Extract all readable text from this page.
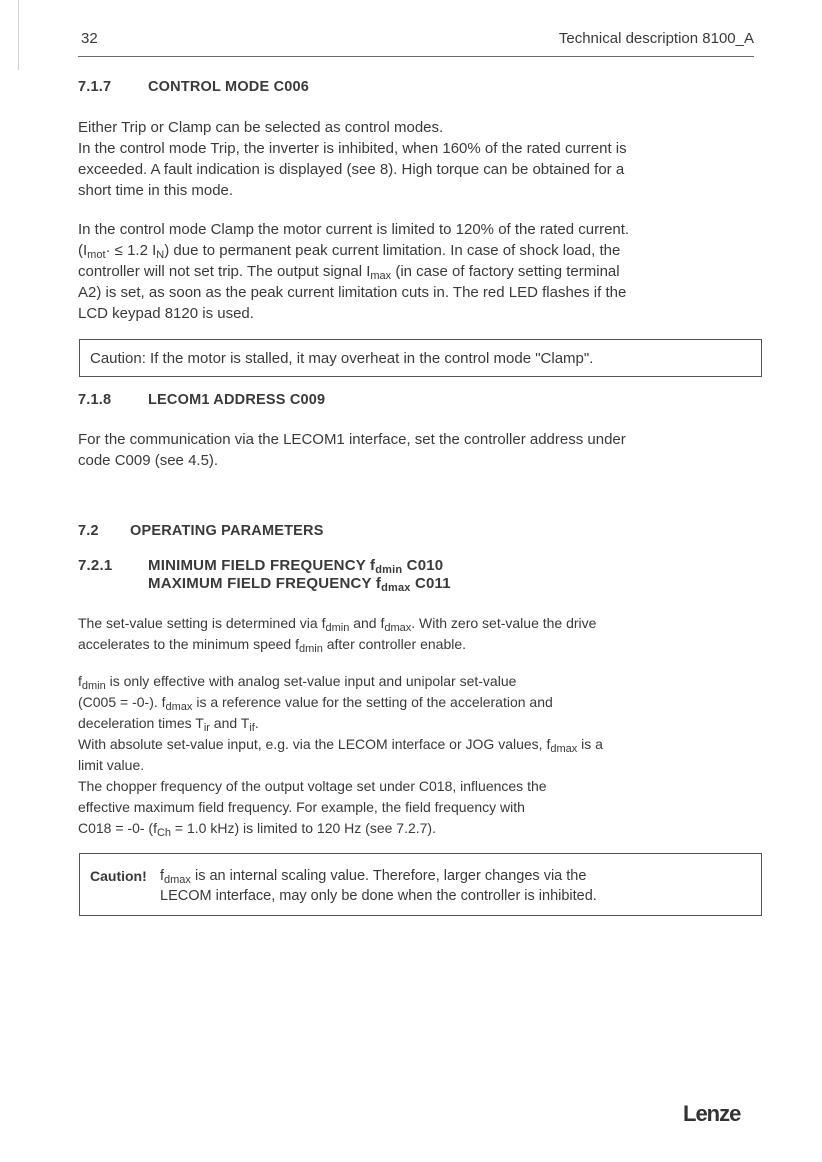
32	Technical description 8100_A
7.1.7	CONTROL MODE C006

Either Trip or Clamp can be selected as control modes.

In the control mode Trip, the inverter is inhibited, when 160% of the rated current is

exceeded. A fault indication is displayed (see 8). High torque can be obtained for a

short time in this mode.

In the control mode Clamp the motor current is limited to 120% of the rated current.

($I_{mot}\cdot \le 1.2$ $I_N$) due to permanent peak current limitation. In case of shock load, the

controller will not set trip. The output signal $I_{max}$ (in case of factory setting terminal

A2) is set, as soon as the peak current limitation cuts in. The red LED flashes if the

LCD keypad 8120 is used.

Caution: If the motor is stalled, it may overheat in the control mode "Clamp".
7.1.8	LECOM1 ADDRESS C009

For the communication via the LECOM1 interface, set the controller address under

code C009 (see 4.5).

7.2 OPERATING PARAMETERS
7.2.1 MINIMUM FIELD FREQUENCY $f_{dmin}$ C010
MAXIMUM FIELD FREQUENCY $f_{dmax}$ C011

The set-value setting is determined via $f_{dmin}$ and $f_{dmax}$. With zero set-value the drive

accelerates to the minimum speed $f_{dmin}$ after controller enable.

$f_{dmin}$ is only effective with analog set-value input and unipolar set-value

(C005 = -0-). $f_{dmax}$ is a reference value for the setting of the acceleration and

deceleration times $T_{ir}$ and $T_{if}$.

With absolute set-value input, e.g. via the LECOM interface or JOG values, $f_{dmax}$ is a

limit value.

The chopper frequency of the output voltage set under C018, influences the

effective maximum field frequency. For example, the field frequency with

C018 = -0- ($f_{Ch} = 1.0$ kHz) is limited to 120 Hz (see 7.2.7).

Caution! $f_{dmax}$ is an internal scaling value. Therefore, larger changes via the
LECOM interface, may only be done when the controller is inhibited.
Lenze
